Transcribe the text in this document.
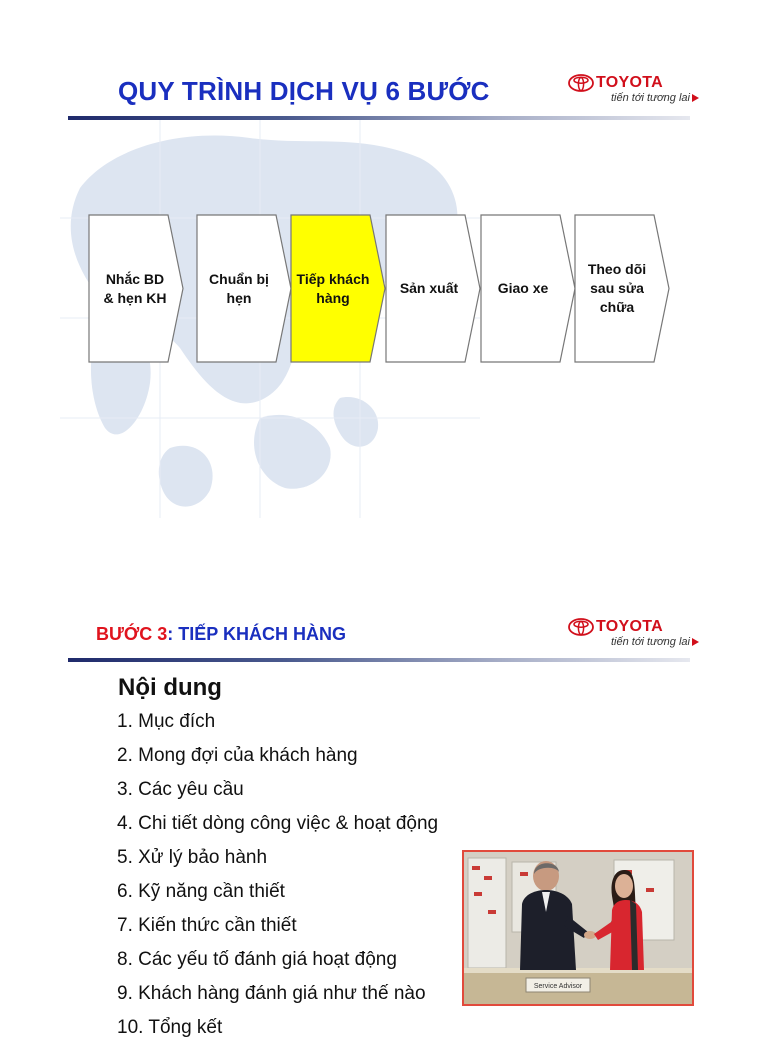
QUY TRÌNH DỊCH VỤ 6 BƯỚC	TOYOTA
tiến tới tương lai
Nhắc BD
& hẹn KH
Chuẩn bị
hẹn
Tiếp khách
hàng
Sản xuất	Giao xe
Theo dõi
sau sửa
chữa
BƯỚC 3: TIẾP KHÁCH HÀNG	TOYOTA
tiến tới tương lai
Nội dung
1. Mục đích
2. Mong đợi của khách hàng
3. Các yêu cầu
4. Chi tiết dòng công việc & hoạt động
5. Xử lý bảo hành
6. Kỹ năng cần thiết
7. Kiến thức cần thiết
8. Các yếu tố đánh giá hoạt động
9. Khách hàng đánh giá như thế nào
10. Tổng kết
Service Advisor
